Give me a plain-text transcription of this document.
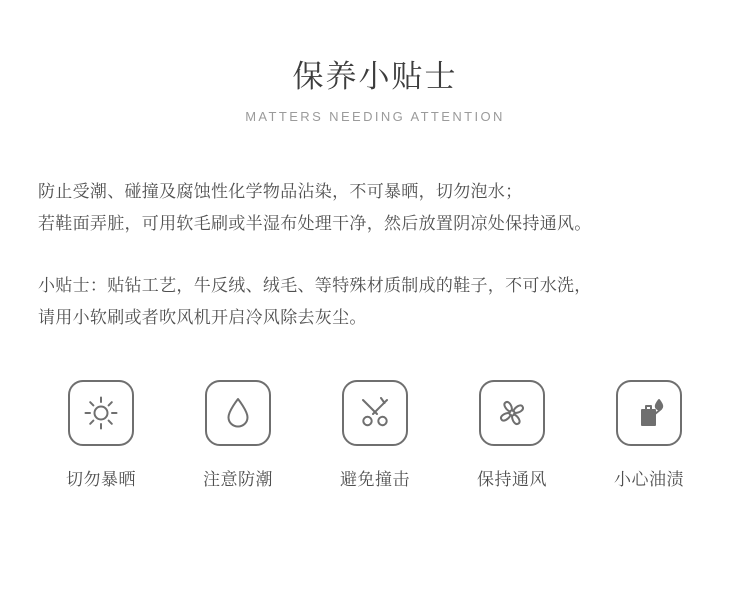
保养小贴士
MATTERS NEEDING ATTENTION
防止受潮、碰撞及腐蚀性化学物品沾染，不可暴晒，切勿泡水；
若鞋面弄脏，可用软毛刷或半湿布处理干净，然后放置阴凉处保持通风。
小贴士：贴钻工艺，牛反绒、绒毛、等特殊材质制成的鞋子，不可水洗，
请用小软刷或者吹风机开启冷风除去灰尘。
切勿暴晒	注意防潮	避免撞击	保持通风	小心油渍
